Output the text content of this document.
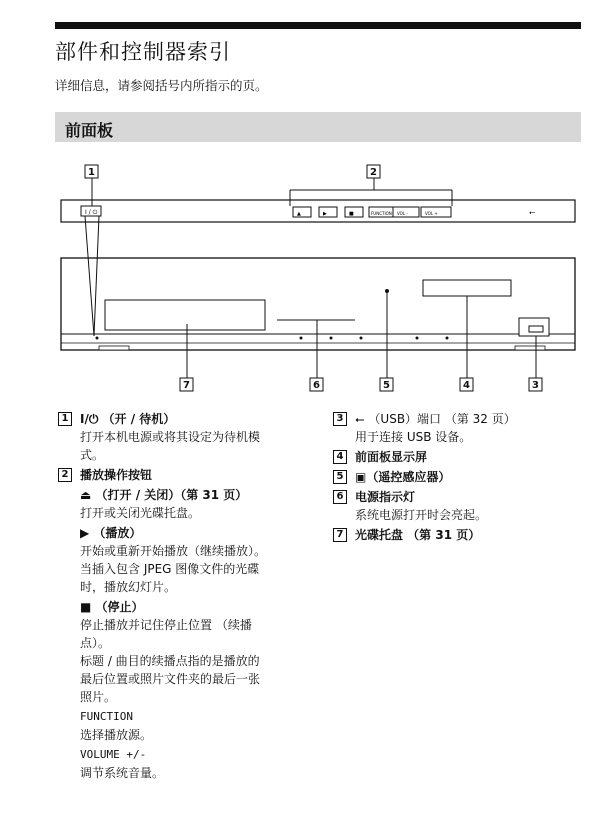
部件和控制器索引
详细信息，请参阅括号内所指示的页。
前面板
I / ⏻	▲	▶	■	FUNCTION VOL -	VOL +	⭠
1	2
7	6	5	4	3
1 I/⏻ （开 / 待机）
打开本机电源或将其设定为待机模
式。
2 播放操作按钮
⏏ （打开 / 关闭）（第 31 页）
打开或关闭光碟托盘。
▶ （播放）
开始或重新开始播放（继续播放）。
当插入包含 JPEG 图像文件的光碟
时，播放幻灯片。
■ （停止）
停止播放并记住停止位置 （续播
点）。
标题 / 曲目的续播点指的是播放的
最后位置或照片文件夹的最后一张
照片。
FUNCTION
选择播放源。
VOLUME +/-
调节系统音量。
3 ⭠ （USB）端口 （第 32 页）
用于连接 USB 设备。
4 前面板显示屏
5 ▣（遥控感应器）
6 电源指示灯
系统电源打开时会亮起。
7 光碟托盘 （第 31 页）
